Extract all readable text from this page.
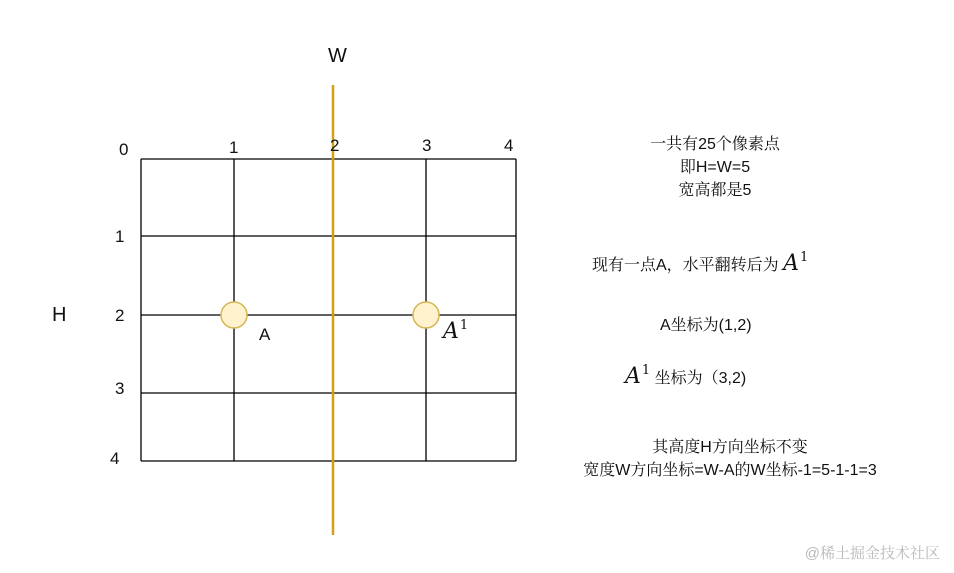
W
H
0	1	2	3	4
1
2
3
4
A	$A^1$
一共有25个像素点
即H=W=5
宽高都是5
现有一点A，水平翻转后为 $A^1$
A坐标为(1,2)
$A^1$ 坐标为（3,2)
其高度H方向坐标不变
宽度W方向坐标=W-A的W坐标-1=5-1-1=3
@稀土掘金技术社区
